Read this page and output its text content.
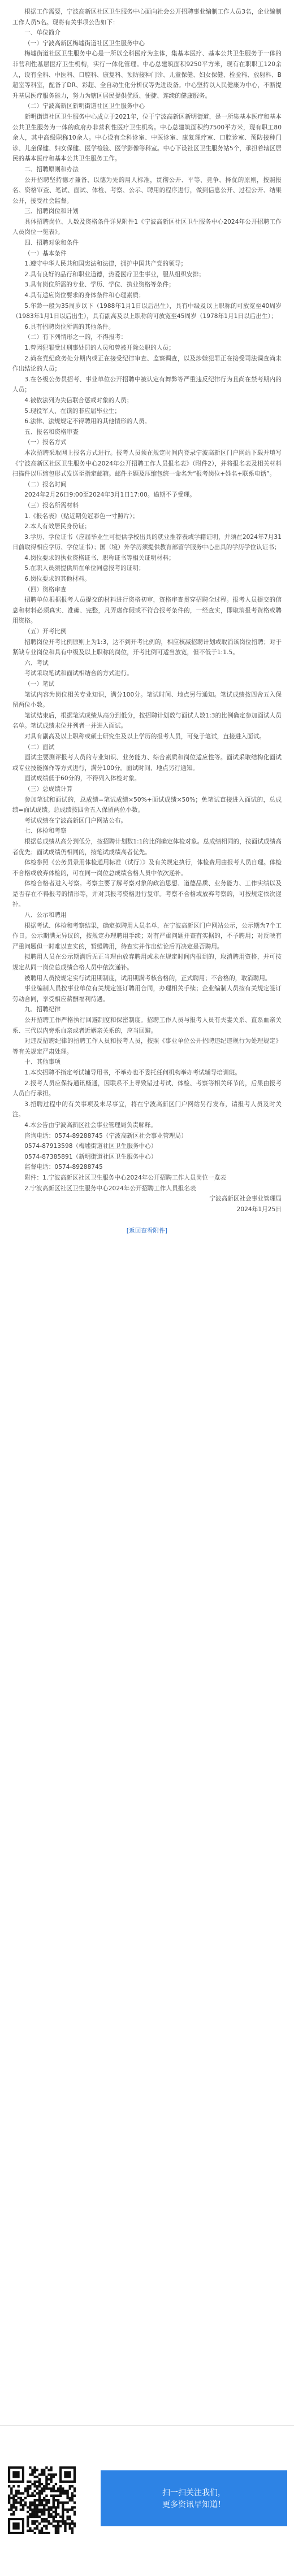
根据工作需要，宁波高新区社区卫生服务中心面向社会公开招聘事业编制工作人员3名，企业编制工作人员5名。现将有关事项公告如下：

一、单位简介

（一）宁波高新区梅墟街道社区卫生服务中心

梅墟街道社区卫生服务中心是一所以全科医疗为主体，集基本医疗、基本公共卫生服务于一体的非营利性基层医疗卫生机构，实行一体化管理。中心总建筑面积9250平方米，现有在职职工120余人，设有全科、中医科、口腔科、康复科、预防接种门诊、儿童保健、妇女保健、检验科、放射科、B超室等科室，配备了DR、彩超、全自动生化分析仪等先进设备。中心坚持以人民健康为中心，不断提升基层医疗服务能力，努力为辖区居民提供优质、便捷、连续的健康服务。

（二）宁波高新区新明街道社区卫生服务中心

新明街道社区卫生服务中心成立于2021年，位于宁波高新区新明街道，是一所集基本医疗和基本公共卫生服务为一体的政府办非营利性医疗卫生机构。中心总建筑面积约7500平方米，现有职工80余人，其中高级职称10余人。中心设有全科诊室、中医诊室、康复理疗室、口腔诊室、预防接种门诊、儿童保健、妇女保健、医学检验、医学影像等科室。中心下设社区卫生服务站5个，承担着辖区居民的基本医疗和基本公共卫生服务工作。

二、招聘原则和办法

公开招聘坚持德才兼备、以德为先的用人标准，贯彻公开、平等、竞争、择优的原则，按照报名、资格审查、笔试、面试、体检、考察、公示、聘用的程序进行，做到信息公开、过程公开、结果公开，接受社会监督。

三、招聘岗位和计划

具体招聘岗位、人数及资格条件详见附件1《宁波高新区社区卫生服务中心2024年公开招聘工作人员岗位一览表》。

四、招聘对象和条件

（一）基本条件

1.遵守中华人民共和国宪法和法律，拥护中国共产党的领导；

2.具有良好的品行和职业道德，热爱医疗卫生事业，服从组织安排；

3.具有岗位所需的专业、学历、学位、执业资格等条件；

4.具有适应岗位要求的身体条件和心理素质；

5.年龄一般为35周岁以下（1988年1月1日以后出生），具有中级及以上职称的可放宽至40周岁（1983年1月1日以后出生），具有副高及以上职称的可放宽至45周岁（1978年1月1日以后出生）；

6.具有招聘岗位所需的其他条件。

（二）有下列情形之一的，不得报考：

1.曾因犯罪受过刑事处罚的人员和曾被开除公职的人员；

2.尚在党纪政务处分期内或正在接受纪律审查、监察调查，以及涉嫌犯罪正在接受司法调查尚未作出结论的人员；

3.在各级公务员招考、事业单位公开招聘中被认定有舞弊等严重违反纪律行为且尚在禁考期内的人员；

4.被依法列为失信联合惩戒对象的人员；

5.现役军人、在读的非应届毕业生；

6.法律、法规规定不得聘用的其他情形的人员。

五、报名和资格审查

（一）报名方式

本次招聘采取网上报名方式进行。报考人员须在规定时间内登录宁波高新区门户网站下载并填写《宁波高新区社区卫生服务中心2024年公开招聘工作人员报名表》（附件2），并将报名表及相关材料扫描件以压缩包形式发送至指定邮箱。邮件主题及压缩包统一命名为“报考岗位+姓名+联系电话”。

（二）报名时间

2024年2月26日9:00至2024年3月1日17:00。逾期不予受理。

（三）报名所需材料

1.《报名表》（贴近期免冠彩色一寸照片）；

2.本人有效居民身份证；

3.学历、学位证书（应届毕业生可提供学校出具的就业推荐表或学籍证明，并须在2024年7月31日前取得相应学历、学位证书）；国（境）外学历须提供教育部留学服务中心出具的学历学位认证书；

4.岗位要求的执业资格证书、职称证书等相关证明材料；

5.在职人员须提供所在单位同意报考的证明；

6.岗位要求的其他材料。

（四）资格审查

招聘单位根据报考人员提交的材料进行资格初审，资格审查贯穿招聘全过程。报考人员提交的信息和材料必须真实、准确、完整，凡弄虚作假或不符合报考条件的，一经查实，即取消报考资格或聘用资格。

（五）开考比例

招聘岗位开考比例原则上为1:3，达不到开考比例的，相应核减招聘计划或取消该岗位招聘；对于紧缺专业岗位和具有中级及以上职称的岗位，开考比例可适当放宽，但不低于1:1.5。

六、考试

考试采取笔试和面试相结合的方式进行。

（一）笔试

笔试内容为岗位相关专业知识，满分100分。笔试时间、地点另行通知。笔试成绩按四舍五入保留两位小数。

笔试结束后，根据笔试成绩从高分到低分，按招聘计划数与面试人数1:3的比例确定参加面试人员名单。笔试成绩末位并列者一并进入面试。

对具有副高及以上职称或硕士研究生及以上学历的报考人员，可免于笔试，直接进入面试。

（二）面试

面试主要测评报考人员的专业知识、业务能力、综合素质和岗位适应性等。面试采取结构化面试或专业技能操作等方式进行，满分100分。面试时间、地点另行通知。

面试成绩低于60分的，不得列入体检对象。

（三）总成绩计算

参加笔试和面试的，总成绩=笔试成绩×50%+面试成绩×50%；免笔试直接进入面试的，总成绩=面试成绩。总成绩按四舍五入保留两位小数。

考试成绩在宁波高新区门户网站公布。

七、体检和考察

根据总成绩从高分到低分，按招聘计划数1:1的比例确定体检对象。总成绩相同的，按面试成绩高者优先；面试成绩仍相同的，按笔试成绩高者优先。

体检参照《公务员录用体检通用标准（试行）》及有关规定执行，体检费用由报考人员自理。体检不合格或放弃体检的，可在同一岗位总成绩合格人员中依次递补。

体检合格者进入考察。考察主要了解考察对象的政治思想、道德品质、业务能力、工作实绩以及是否存在不得报考的情形等，并对其报考资格进行复审。考察不合格或放弃考察的，可按规定依次递补。

八、公示和聘用

根据考试、体检和考察结果，确定拟聘用人员名单，在宁波高新区门户网站公示，公示期为7个工作日。公示期满无异议的，按规定办理聘用手续；对有严重问题并查有实据的，不予聘用；对反映有严重问题但一时难以查实的，暂缓聘用，待查实并作出结论后再决定是否聘用。

拟聘用人员在公示期满后无正当理由放弃聘用或未在规定时间内报到的，取消聘用资格，并可按规定从同一岗位总成绩合格人员中依次递补。

被聘用人员按规定实行试用期制度，试用期满考核合格的，正式聘用；不合格的，取消聘用。

事业编制人员按事业单位有关规定签订聘用合同，办理相关手续；企业编制人员按有关规定签订劳动合同，享受相应薪酬福利待遇。

九、招聘纪律

公开招聘工作严格执行回避制度和保密制度。招聘工作人员与报考人员有夫妻关系、直系血亲关系、三代以内旁系血亲或者近姻亲关系的，应当回避。

对违反招聘纪律的招聘工作人员和报考人员，按照《事业单位公开招聘违纪违规行为处理规定》等有关规定严肃处理。

十、其他事项

1.本次招聘不指定考试辅导用书，不举办也不委托任何机构举办考试辅导培训班。

2.报考人员应保持通讯畅通，因联系不上导致错过考试、体检、考察等相关环节的，后果由报考人员自行承担。

3.招聘过程中的有关事项及未尽事宜，将在宁波高新区门户网站另行发布，请报考人员及时关注。

4.本公告由宁波高新区社会事业管理局负责解释。

咨询电话：0574-89288745（宁波高新区社会事业管理局）

0574-87913598（梅墟街道社区卫生服务中心）

0574-87385891（新明街道社区卫生服务中心）

监督电话：0574-89288745

附件：1.宁波高新区社区卫生服务中心2024年公开招聘工作人员岗位一览表

2.宁波高新区社区卫生服务中心2024年公开招聘工作人员报名表

宁波高新区社会事业管理局

2024年1月25日

[返回查看附件]
扫一扫关注我们，
更多资讯早知道！
